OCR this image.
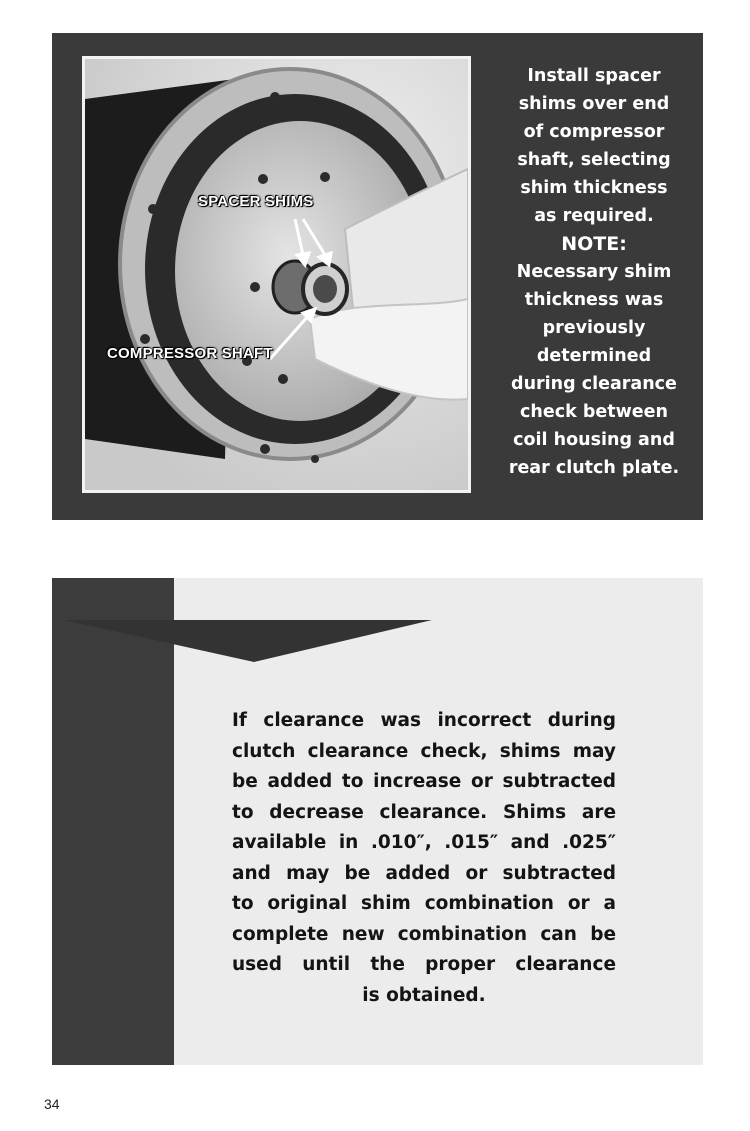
SPACER SHIMS
COMPRESSOR SHAFT
Install spacer
shims over end
of compressor
shaft, selecting
shim thickness
as required.
NOTE:
Necessary shim
thickness was
previously
determined
during clearance
check between
coil housing and
rear clutch plate.
If clearance was incorrect during
clutch clearance check, shims may
be added to increase or subtracted
to decrease clearance. Shims are
available in .010″, .015″ and .025″
and may be added or subtracted
to original shim combination or a
complete new combination can be
used until the proper clearance
is obtained.
34
